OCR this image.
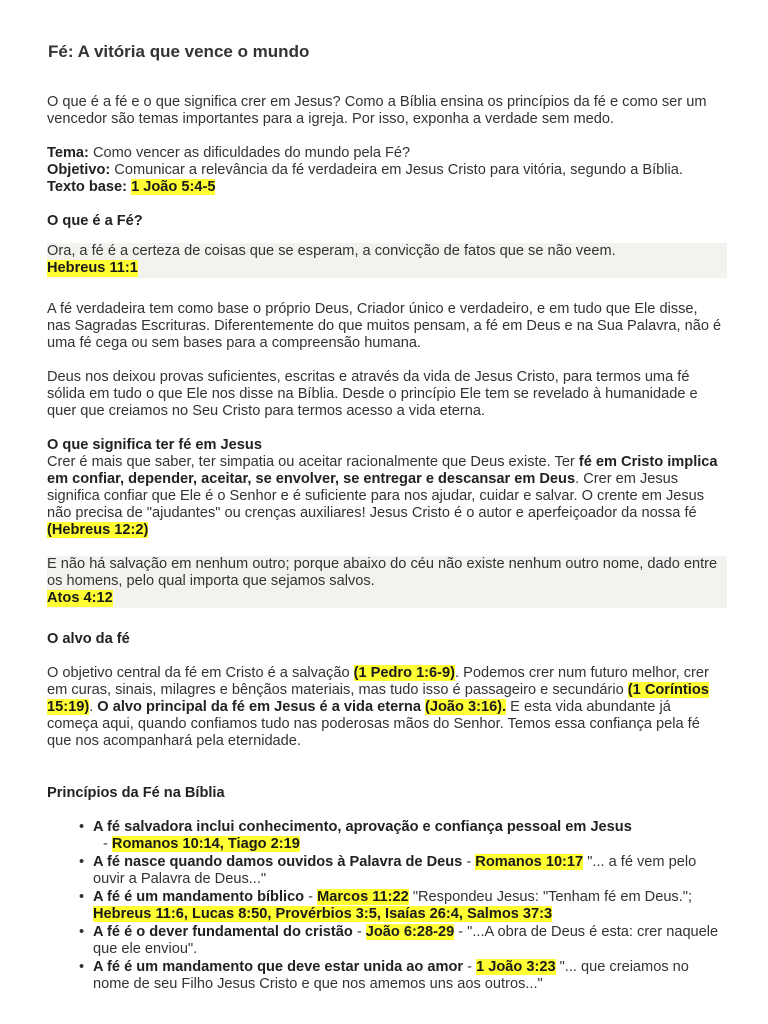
Fé: A vitória que vence o mundo

O que é a fé e o que significa crer em Jesus? Como a Bíblia ensina os princípios da fé e como ser um vencedor são temas importantes para a igreja. Por isso, exponha a verdade sem medo.

Tema: Como vencer as dificuldades do mundo pela Fé?
Objetivo: Comunicar a relevância da fé verdadeira em Jesus Cristo para vitória, segundo a Bíblia.
Texto base: 1 João 5:4-5
O que é a Fé?
Ora, a fé é a certeza de coisas que se esperam, a convicção de fatos que se não veem.
Hebreus 11:1

A fé verdadeira tem como base o próprio Deus, Criador único e verdadeiro, e em tudo que Ele disse, nas Sagradas Escrituras. Diferentemente do que muitos pensam, a fé em Deus e na Sua Palavra, não é uma fé cega ou sem bases para a compreensão humana.

Deus nos deixou provas suficientes, escritas e através da vida de Jesus Cristo, para termos uma fé sólida em tudo o que Ele nos disse na Bíblia. Desde o princípio Ele tem se revelado à humanidade e quer que creiamos no Seu Cristo para termos acesso a vida eterna.

O que significa ter fé em Jesus
Crer é mais que saber, ter simpatia ou aceitar racionalmente que Deus existe. Ter fé em Cristo implica em confiar, depender, aceitar, se envolver, se entregar e descansar em Deus. Crer em Jesus significa confiar que Ele é o Senhor e é suficiente para nos ajudar, cuidar e salvar. O crente em Jesus não precisa de "ajudantes" ou crenças auxiliares! Jesus Cristo é o autor e aperfeiçoador da nossa fé (Hebreus 12:2)
E não há salvação em nenhum outro; porque abaixo do céu não existe nenhum outro nome, dado entre os homens, pelo qual importa que sejamos salvos.
Atos 4:12
O alvo da fé

O objetivo central da fé em Cristo é a salvação (1 Pedro 1:6-9). Podemos crer num futuro melhor, crer em curas, sinais, milagres e bênçãos materiais, mas tudo isso é passageiro e secundário (1 Coríntios 15:19). O alvo principal da fé em Jesus é a vida eterna (João 3:16). E esta vida abundante já começa aqui, quando confiamos tudo nas poderosas mãos do Senhor. Temos essa confiança pela fé que nos acompanhará pela eternidade.

Princípios da Fé na Bíblia
• A fé salvadora inclui conhecimento, aprovação e confiança pessoal em Jesus
- Romanos 10:14, Tiago 2:19
• A fé nasce quando damos ouvidos à Palavra de Deus - Romanos 10:17 "... a fé vem pelo ouvir a Palavra de Deus..."
• A fé é um mandamento bíblico - Marcos 11:22 "Respondeu Jesus: "Tenham fé em Deus."; Hebreus 11:6, Lucas 8:50, Provérbios 3:5, Isaías 26:4, Salmos 37:3
• A fé é o dever fundamental do cristão - João 6:28-29 - "...A obra de Deus é esta: crer naquele que ele enviou".
• A fé é um mandamento que deve estar unida ao amor - 1 João 3:23 "... que creiamos no nome de seu Filho Jesus Cristo e que nos amemos uns aos outros..."
